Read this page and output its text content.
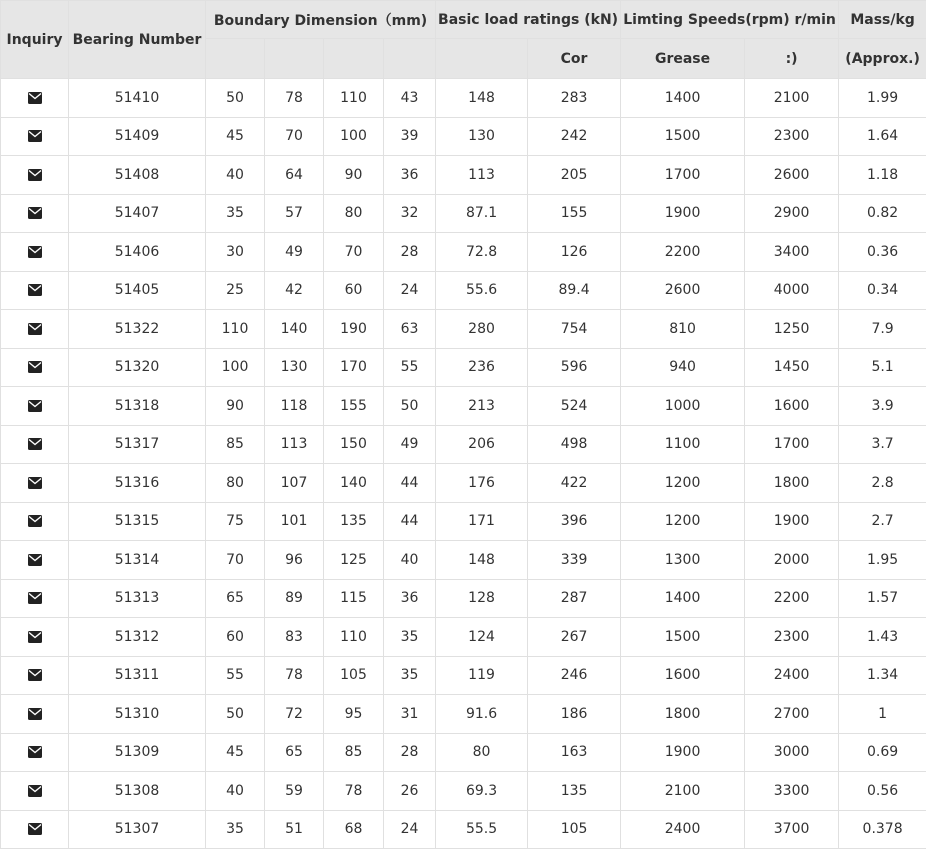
Inquiry	Bearing Number	Boundary Dimension（mm)				Basic load ratings (kN)		Limting Speeds(rpm) r/min		Mass/kg
							Cor	Grease	:)	(Approx.)

	51410	50	78	110	43	148	283	1400	2100	1.99

	51409	45	70	100	39	130	242	1500	2300	1.64

	51408	40	64	90	36	113	205	1700	2600	1.18

	51407	35	57	80	32	87.1	155	1900	2900	0.82

	51406	30	49	70	28	72.8	126	2200	3400	0.36

	51405	25	42	60	24	55.6	89.4	2600	4000	0.34

	51322	110	140	190	63	280	754	810	1250	7.9

	51320	100	130	170	55	236	596	940	1450	5.1

	51318	90	118	155	50	213	524	1000	1600	3.9

	51317	85	113	150	49	206	498	1100	1700	3.7

	51316	80	107	140	44	176	422	1200	1800	2.8

	51315	75	101	135	44	171	396	1200	1900	2.7

	51314	70	96	125	40	148	339	1300	2000	1.95

	51313	65	89	115	36	128	287	1400	2200	1.57

	51312	60	83	110	35	124	267	1500	2300	1.43

	51311	55	78	105	35	119	246	1600	2400	1.34

	51310	50	72	95	31	91.6	186	1800	2700	1

	51309	45	65	85	28	80	163	1900	3000	0.69

	51308	40	59	78	26	69.3	135	2100	3300	0.56

	51307	35	51	68	24	55.5	105	2400	3700	0.378
